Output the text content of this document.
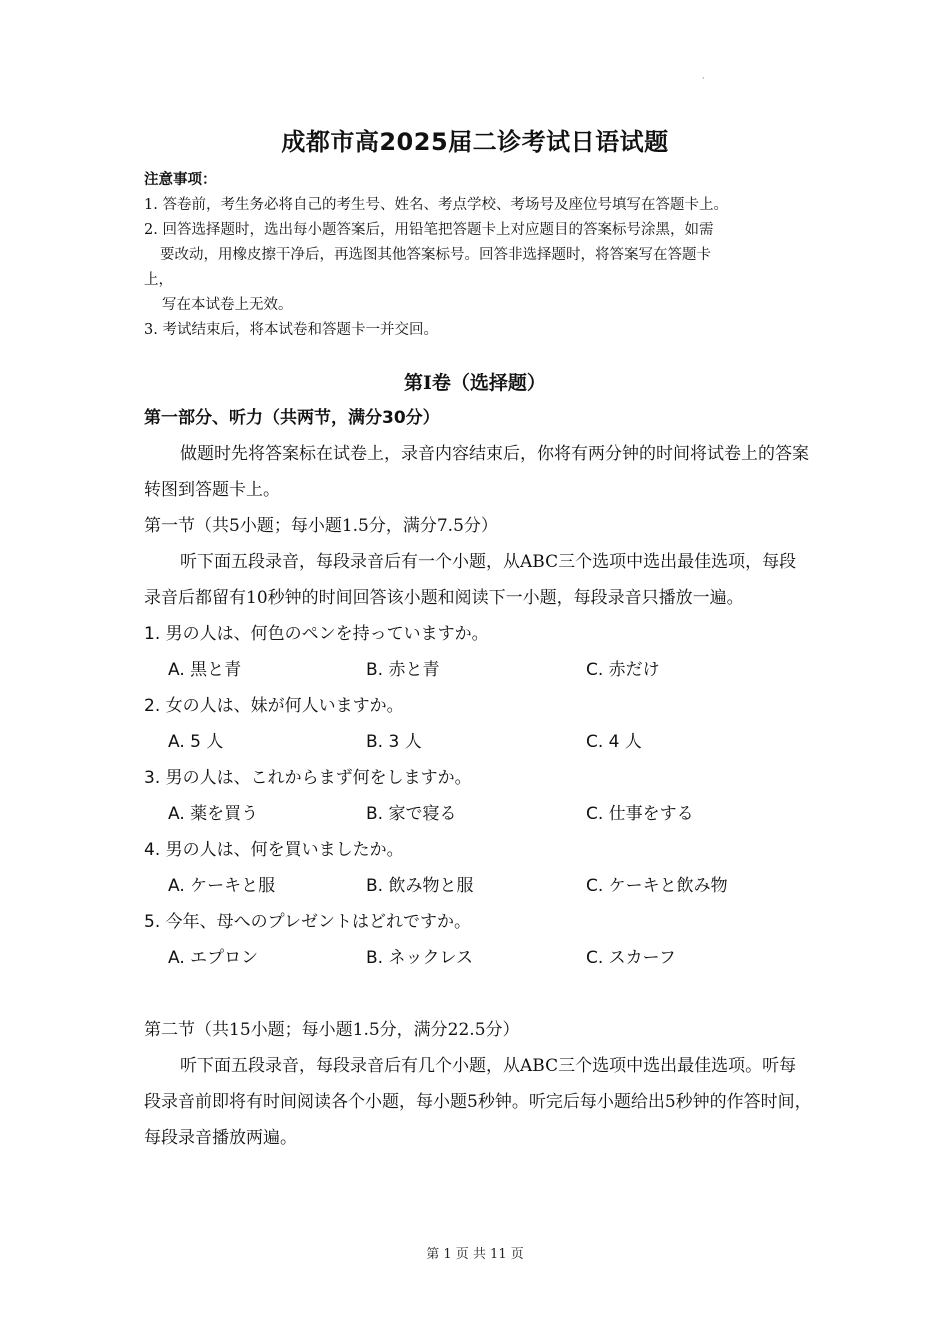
·
成都市高2025届二诊考试日语试题
注意事项：
1. 答卷前，考生务必将自己的考生号、姓名、考点学校、考场号及座位号填写在答题卡上。
2. 回答选择题时，选出每小题答案后，用铅笔把答题卡上对应题目的答案标号涂黑，如需
要改动，用橡皮擦干净后，再选图其他答案标号。回答非选择题时，将答案写在答题卡
上，
写在本试卷上无效。
3. 考试结束后，将本试卷和答题卡一并交回。
第Ⅰ卷（选择题）
第一部分、听力（共两节，满分30分）

做题时先将答案标在试卷上，录音内容结束后，你将有两分钟的时间将试卷上的答案转图到答题卡上。

第一节（共5小题；每小题1.5分，满分7.5分）

听下面五段录音，每段录音后有一个小题，从ABC三个选项中选出最佳选项，每段录音后都留有10秒钟的时间回答该小题和阅读下一小题，每段录音只播放一遍。

1. 男の人は、何色のペンを持っていますか。

A. 黒と青	B. 赤と青	C. 赤だけ

2. 女の人は、妹が何人いますか。

A. 5 人	B. 3 人	C. 4 人

3. 男の人は、これからまず何をしますか。

A. 薬を買う	B. 家で寝る	C. 仕事をする

4. 男の人は、何を買いましたか。

A. ケーキと服	B. 飲み物と服	C. ケーキと飲み物

5. 今年、母へのプレゼントはどれですか。

A. エプロン	B. ネックレス	C. スカーフ

第二节（共15小题；每小题1.5分，满分22.5分）

听下面五段录音，每段录音后有几个小题，从ABC三个选项中选出最佳选项。听每段录音前即将有时间阅读各个小题，每小题5秒钟。听完后每小题给出5秒钟的作答时间，每段录音播放两遍。

第 1 页 共 11 页
